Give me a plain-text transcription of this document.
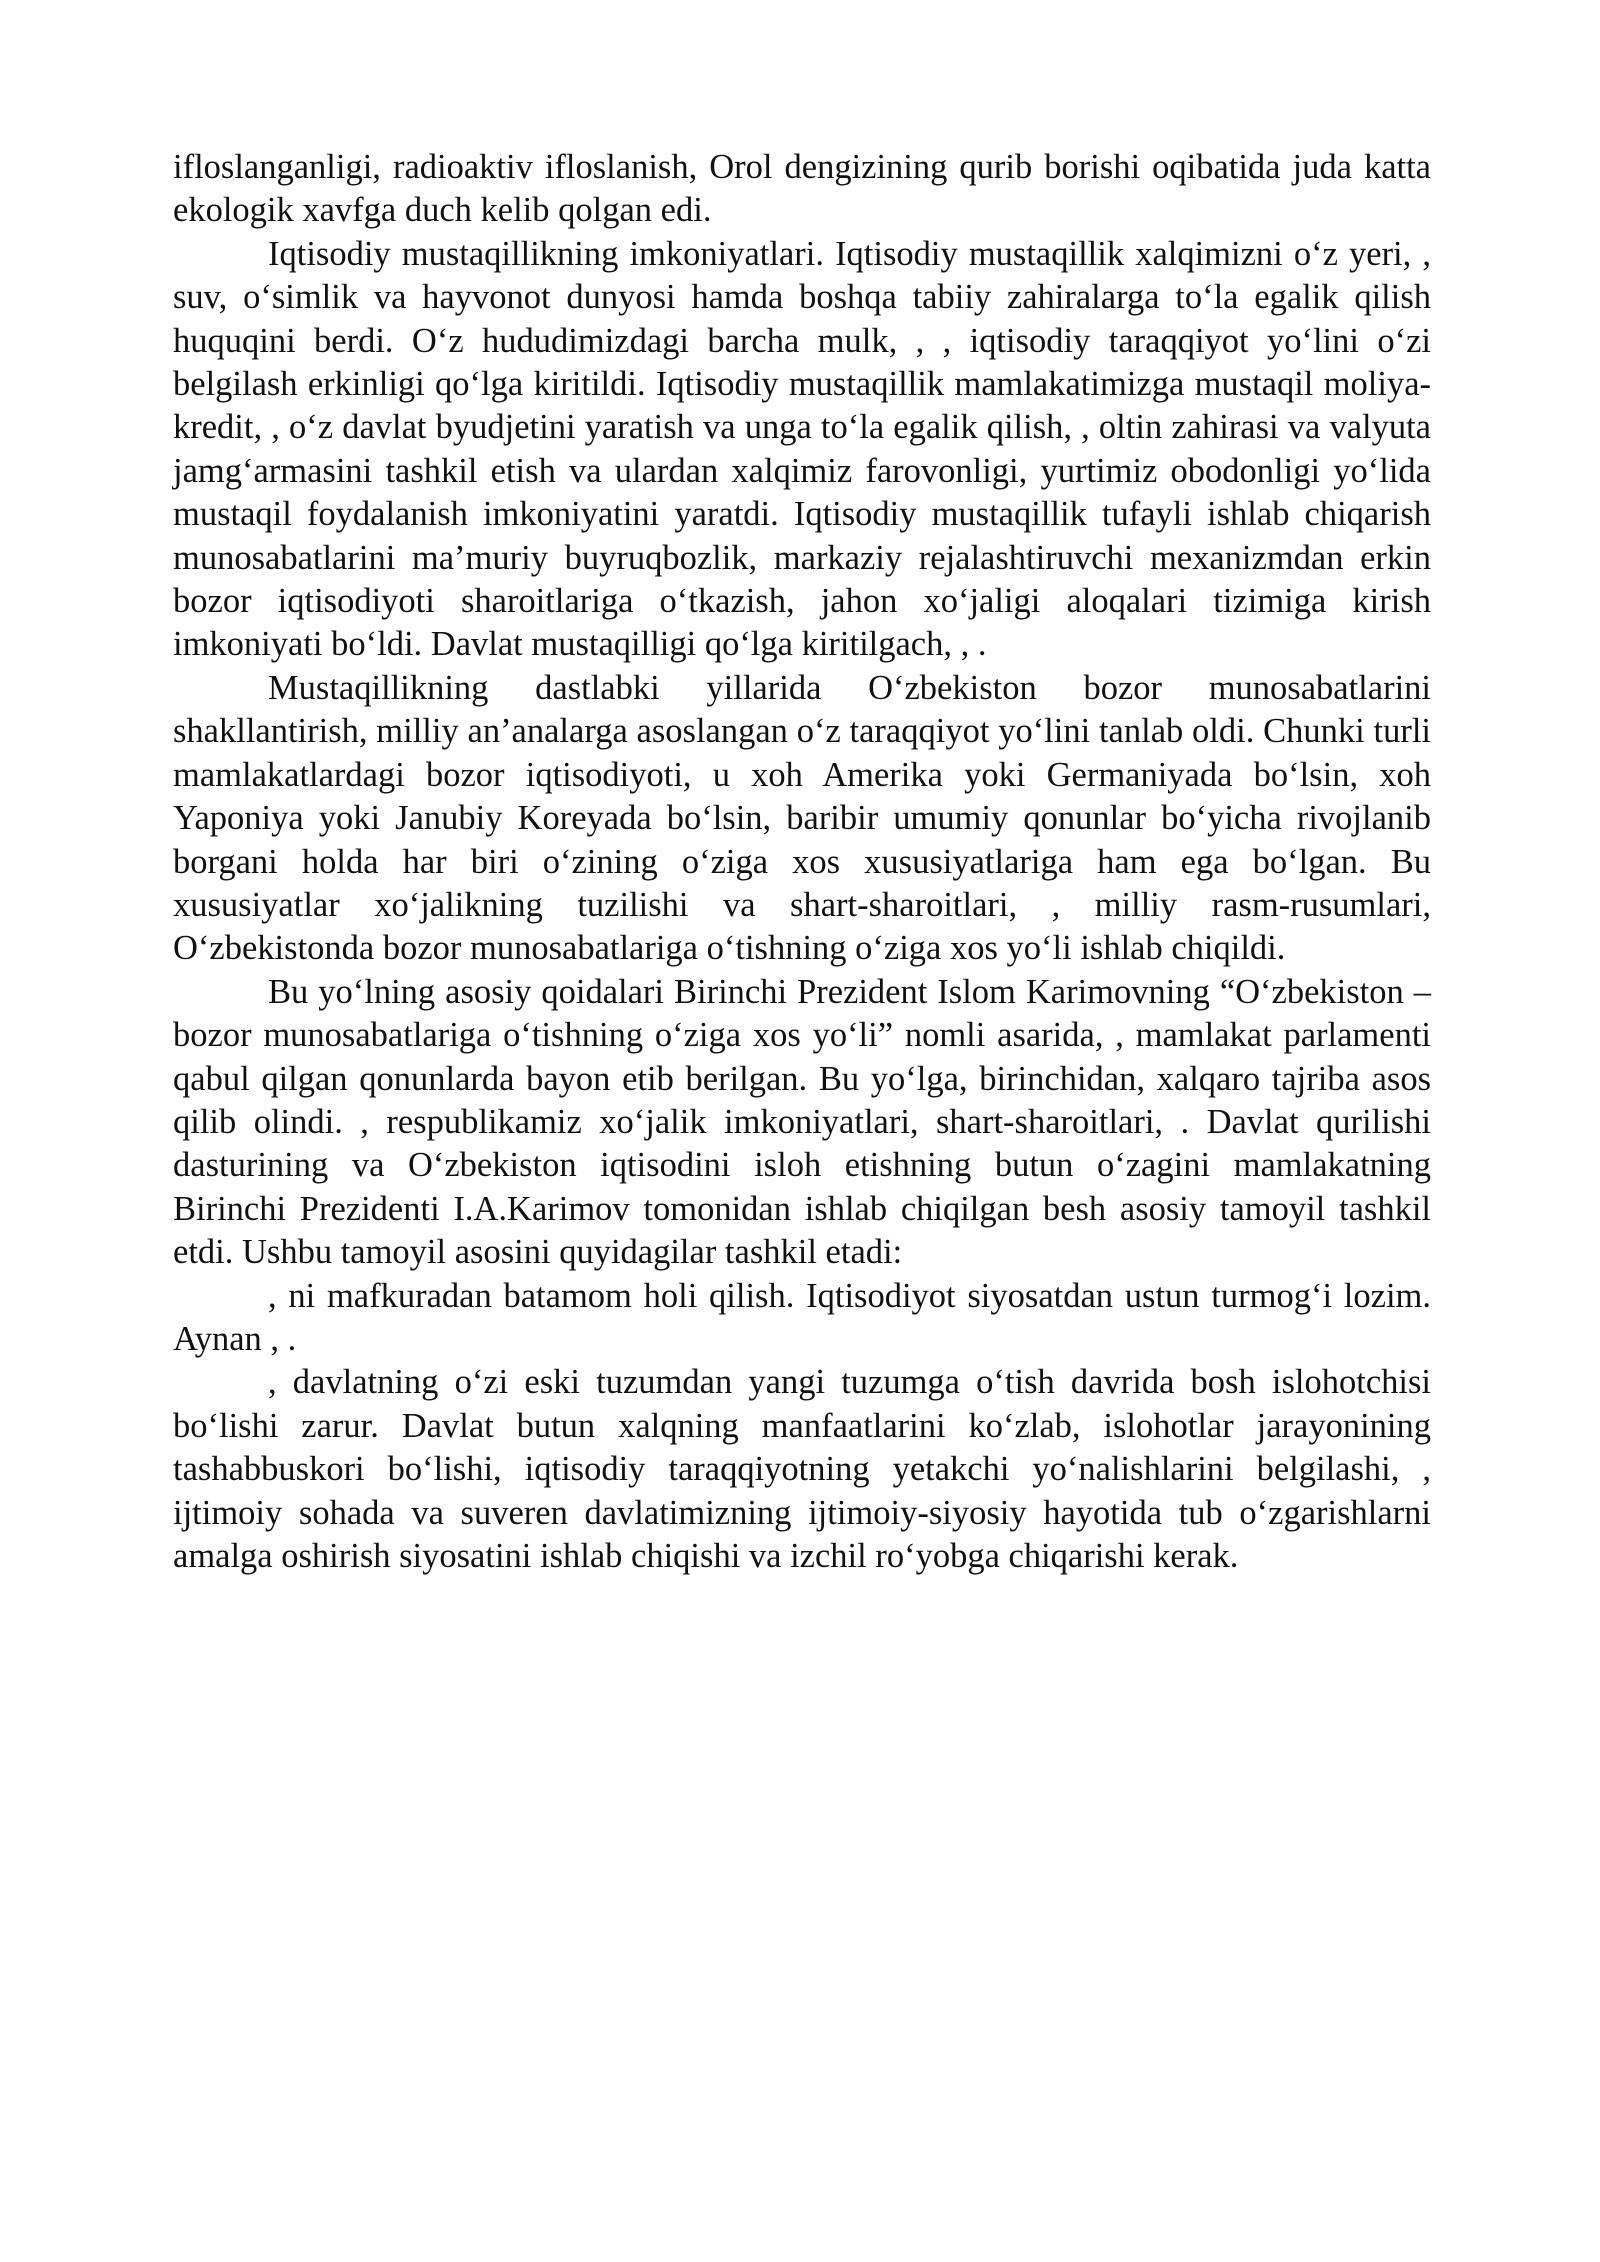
ifloslanganligi, radioaktiv ifloslanish, Orol dengizining qurib borishi oqibatida juda katta ekologik xavfga duch kelib qolgan edi.

Iqtisodiy mustaqillikning imkoniyatlari. Iqtisodiy mustaqillik xalqimizni o‘z yeri, , suv, o‘simlik va hayvonot dunyosi hamda boshqa tabiiy zahiralarga to‘la egalik qilish huquqini berdi. O‘z hududimizdagi barcha mulk, , , iqtisodiy taraqqiyot yo‘lini o‘zi belgilash erkinligi qo‘lga kiritildi. Iqtisodiy mustaqillik mamlakatimizga mustaqil moliya-kredit, , o‘z davlat byudjetini yaratish va unga to‘la egalik qilish, , oltin zahirasi va valyuta jamg‘armasini tashkil etish va ulardan xalqimiz farovonligi, yurtimiz obodonligi yo‘lida mustaqil foydalanish imkoniyatini yaratdi. Iqtisodiy mustaqillik tufayli ishlab chiqarish munosabatlarini ma’muriy buyruqbozlik, markaziy rejalashtiruvchi mexanizmdan erkin bozor iqtisodiyoti sharoitlariga o‘tkazish, jahon xo‘jaligi aloqalari tizimiga kirish imkoniyati bo‘ldi. Davlat mustaqilligi qo‘lga kiritilgach, , .

Mustaqillikning dastlabki yillarida O‘zbekiston bozor munosabatlarini shakllantirish, milliy an’analarga asoslangan o‘z taraqqiyot yo‘lini tanlab oldi. Chunki turli mamlakatlardagi bozor iqtisodiyoti, u xoh Amerika yoki Germaniyada bo‘lsin, xoh Yaponiya yoki Janubiy Koreyada bo‘lsin, baribir umumiy qonunlar bo‘yicha rivojlanib borgani holda har biri o‘zining o‘ziga xos xususiyatlariga ham ega bo‘lgan. Bu xususiyatlar xo‘jalikning tuzilishi va shart-sharoitlari, , milliy rasm-rusumlari, O‘zbekistonda bozor munosabatlariga o‘tishning o‘ziga xos yo‘li ishlab chiqildi.

Bu yo‘lning asosiy qoidalari Birinchi Prezident Islom Karimovning “O‘zbekiston – bozor munosabatlariga o‘tishning o‘ziga xos yo‘li” nomli asarida, , mamlakat parlamenti qabul qilgan qonunlarda bayon etib berilgan. Bu yo‘lga, birinchidan, xalqaro tajriba asos qilib olindi. , respublikamiz xo‘jalik imkoniyatlari, shart-sharoitlari, . Davlat qurilishi dasturining va O‘zbekiston iqtisodini isloh etishning butun o‘zagini mamlakatning Birinchi Prezidenti I.A.Karimov tomonidan ishlab chiqilgan besh asosiy tamoyil tashkil etdi. Ushbu tamoyil asosini quyidagilar tashkil etadi:

, ni mafkuradan batamom holi qilish. Iqtisodiyot siyosatdan ustun turmog‘i lozim. Aynan , .

, davlatning o‘zi eski tuzumdan yangi tuzumga o‘tish davrida bosh islohotchisi bo‘lishi zarur. Davlat butun xalqning manfaatlarini ko‘zlab, islohotlar jarayonining tashabbuskori bo‘lishi, iqtisodiy taraqqiyotning yetakchi yo‘nalishlarini belgilashi, , ijtimoiy sohada va suveren davlatimizning ijtimoiy-siyosiy hayotida tub o‘zgarishlarni amalga oshirish siyosatini ishlab chiqishi va izchil ro‘yobga chiqarishi kerak.
